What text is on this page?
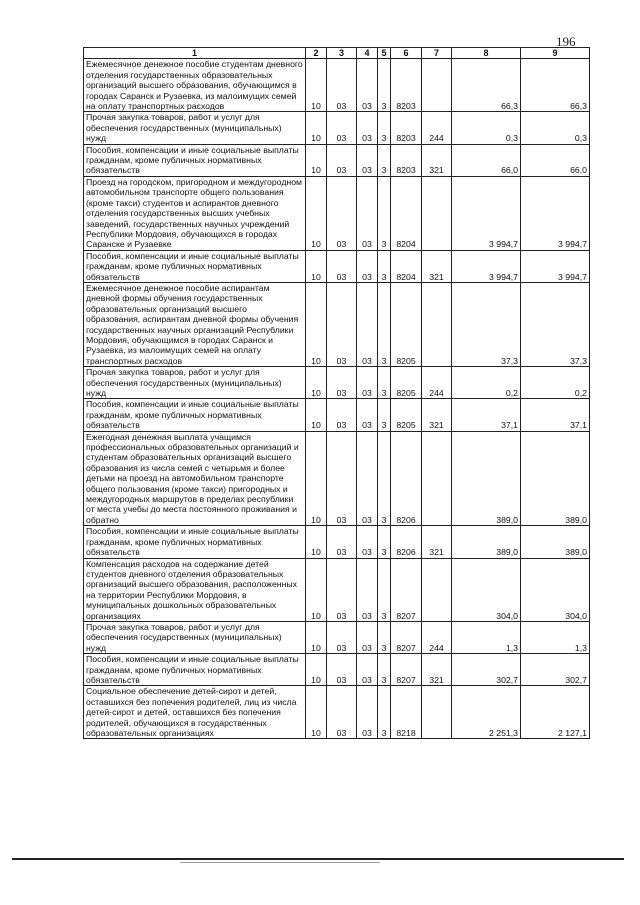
196
1	2	3	4	5	6	7	8	9
Ежемесячное денежное пособие студентам дневного отделения государственных образовательных организаций высшего образования, обучающимся в городах Саранск и Рузаевка, из малоимущих семей на оплату транспортных расходов	10	03	03	3	8203		66,3	66,3
Прочая закупка товаров, работ и услуг для обеспечения государственных (муниципальных) нужд	10	03	03	3	8203	244	0,3	0,3
Пособия, компенсации и иные социальные выплаты гражданам, кроме публичных нормативных обязательств	10	03	03	3	8203	321	66,0	66,0
Проезд на городском, пригородном и междугородном автомобильном транспорте общего пользования (кроме такси) студентов и аспирантов дневного отделения государственных высших учебных заведений, государственных научных учреждений Республики Мордовия, обучающихся в городах Саранске и Рузаевке	10	03	03	3	8204		3 994,7	3 994,7
Пособия, компенсации и иные социальные выплаты гражданам, кроме публичных нормативных обязательств	10	03	03	3	8204	321	3 994,7	3 994,7
Ежемесячное денежное пособие аспирантам дневной формы обучения государственных образовательных организаций высшего образования, аспирантам дневной формы обучения государственных научных организаций Республики Мордовия, обучающимся в городах Саранск и Рузаевка, из малоимущих семей на оплату транспортных расходов	10	03	03	3	8205		37,3	37,3
Прочая закупка товаров, работ и услуг для обеспечения государственных (муниципальных) нужд	10	03	03	3	8205	244	0,2	0,2
Пособия, компенсации и иные социальные выплаты гражданам, кроме публичных нормативных обязательств	10	03	03	3	8205	321	37,1	37,1
Ежегодная денежная выплата учащимся профессиональных образовательных организаций и студентам образовательных организаций высшего образования из числа семей с четырьмя и более детьми на проезд на автомобильном транспорте общего пользования (кроме такси) пригородных и междугородных маршрутов в пределах республики от места учебы до места постоянного проживания и обратно	10	03	03	3	8206		389,0	389,0
Пособия, компенсации и иные социальные выплаты гражданам, кроме публичных нормативных обязательств	10	03	03	3	8206	321	389,0	389,0
Компенсация расходов на содержание детей студентов дневного отделения образовательных организаций высшего образования, расположенных на территории Республики Мордовия, в муниципальных дошкольных образовательных организациях	10	03	03	3	8207		304,0	304,0
Прочая закупка товаров, работ и услуг для обеспечения государственных (муниципальных) нужд	10	03	03	3	8207	244	1,3	1,3
Пособия, компенсации и иные социальные выплаты гражданам, кроме публичных нормативных обязательств	10	03	03	3	8207	321	302,7	302,7
Социальное обеспечение детей-сирот и детей, оставшихся без попечения родителей, лиц из числа детей-сирот и детей, оставшихся без попечения родителей, обучающихся в государственных образовательных организациях	10	03	03	3	8218		2 251,3	2 127,1
